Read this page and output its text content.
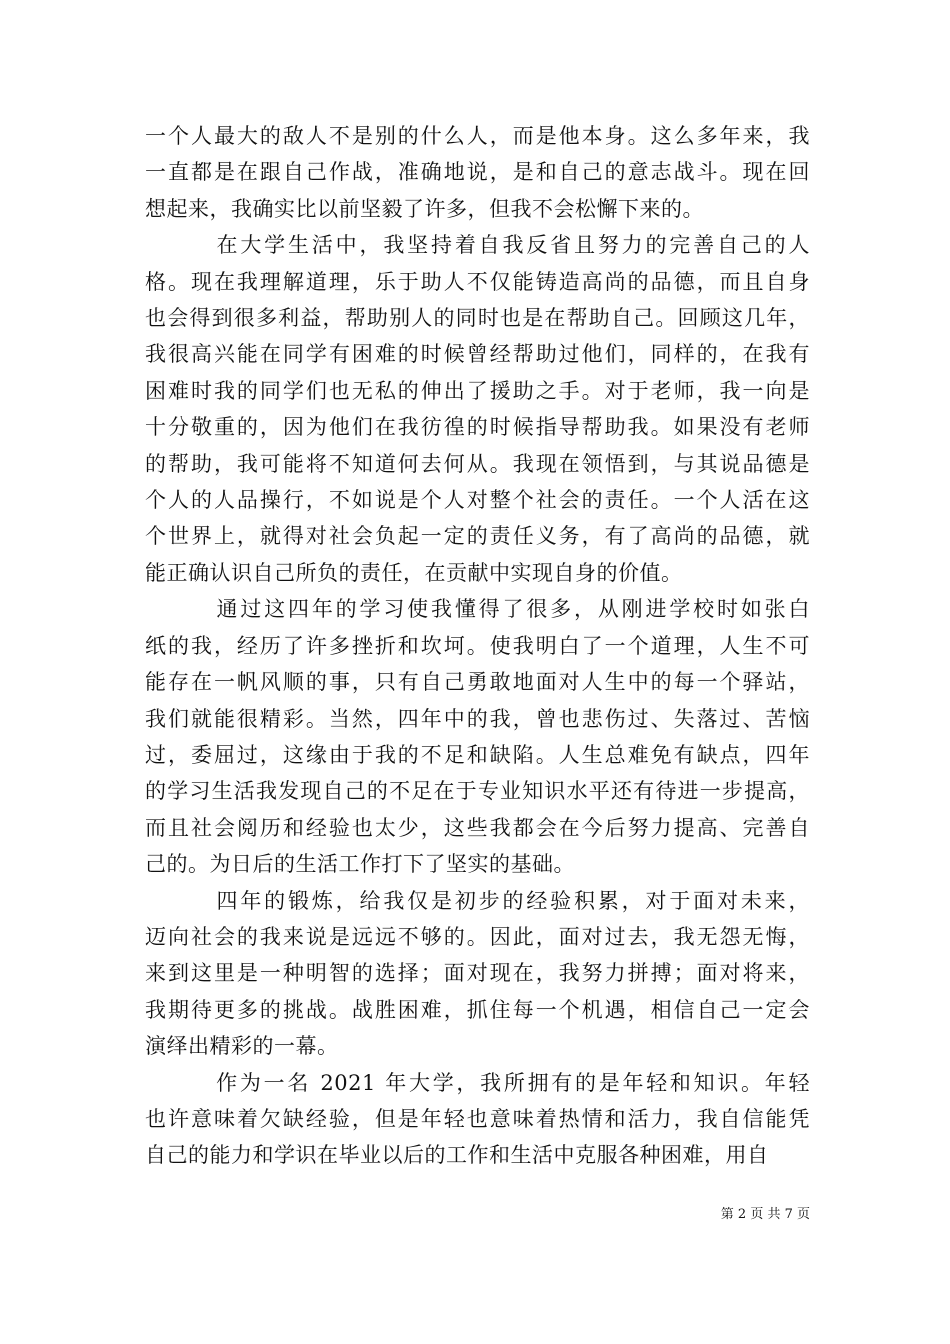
一个人最大的敌人不是别的什么人，而是他本身。这么多年来，我
一直都是在跟自己作战，准确地说，是和自己的意志战斗。现在回
想起来，我确实比以前坚毅了许多，但我不会松懈下来的。
　　　在大学生活中，我坚持着自我反省且努力的完善自己的人
格。现在我理解道理，乐于助人不仅能铸造高尚的品德，而且自身
也会得到很多利益，帮助别人的同时也是在帮助自己。回顾这几年，
我很高兴能在同学有困难的时候曾经帮助过他们，同样的，在我有
困难时我的同学们也无私的伸出了援助之手。对于老师，我一向是
十分敬重的，因为他们在我彷徨的时候指导帮助我。如果没有老师
的帮助，我可能将不知道何去何从。我现在领悟到，与其说品德是
个人的人品操行，不如说是个人对整个社会的责任。一个人活在这
个世界上，就得对社会负起一定的责任义务，有了高尚的品德，就
能正确认识自己所负的责任，在贡献中实现自身的价值。
　　　通过这四年的学习使我懂得了很多，从刚进学校时如张白
纸的我，经历了许多挫折和坎坷。使我明白了一个道理，人生不可
能存在一帆风顺的事，只有自己勇敢地面对人生中的每一个驿站，
我们就能很精彩。当然，四年中的我，曾也悲伤过、失落过、苦恼
过，委屈过，这缘由于我的不足和缺陷。人生总难免有缺点，四年
的学习生活我发现自己的不足在于专业知识水平还有待进一步提高，
而且社会阅历和经验也太少，这些我都会在今后努力提高、完善自
己的。为日后的生活工作打下了坚实的基础。
　　　四年的锻炼，给我仅是初步的经验积累，对于面对未来，
迈向社会的我来说是远远不够的。因此，面对过去，我无怨无悔，
来到这里是一种明智的选择；面对现在，我努力拼搏；面对将来，
我期待更多的挑战。战胜困难，抓住每一个机遇，相信自己一定会
演绎出精彩的一幕。
　　　作为一名 2021 年大学，我所拥有的是年轻和知识。年轻
也许意味着欠缺经验，但是年轻也意味着热情和活力，我自信能凭
自己的能力和学识在毕业以后的工作和生活中克服各种困难，用自
第 2 页 共 7 页
